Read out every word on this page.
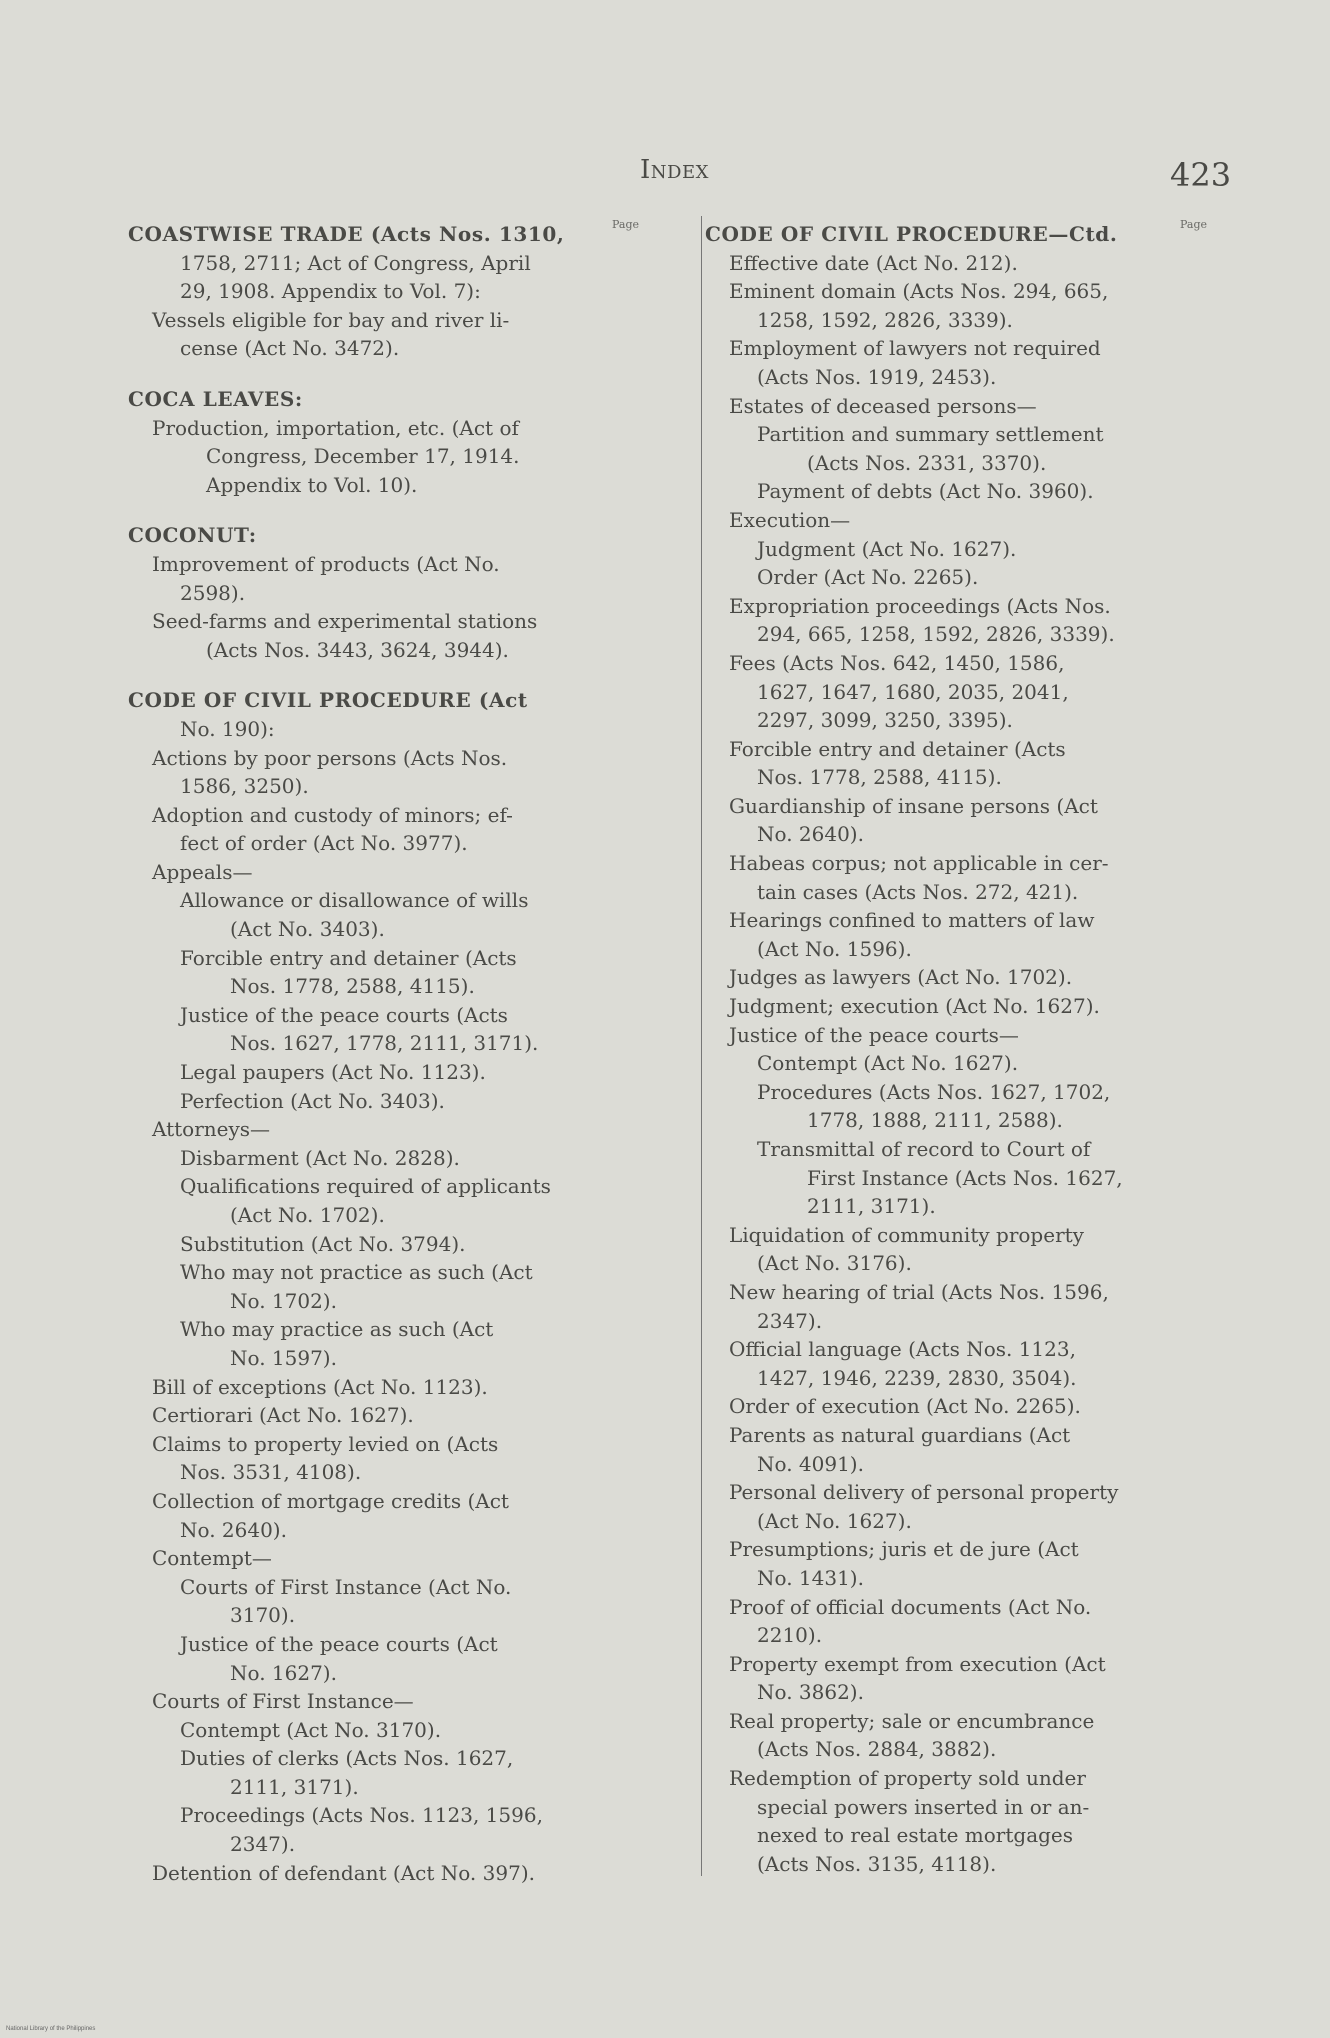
Index	423
Page	Page
COASTWISE TRADE (Acts Nos. 1310,
1758, 2711; Act of Congress, April
29, 1908. Appendix to Vol. 7):
Vessels eligible for bay and river li-
cense (Act No. 3472).
COCA LEAVES:
Production, importation, etc. (Act of
Congress, December 17, 1914.
Appendix to Vol. 10).
COCONUT:
Improvement of products (Act No.
2598).
Seed-farms and experimental stations
(Acts Nos. 3443, 3624, 3944).
CODE OF CIVIL PROCEDURE (Act
No. 190):
Actions by poor persons (Acts Nos.
1586, 3250).
Adoption and custody of minors; ef-
fect of order (Act No. 3977).
Appeals—
Allowance or disallowance of wills
(Act No. 3403).
Forcible entry and detainer (Acts
Nos. 1778, 2588, 4115).
Justice of the peace courts (Acts
Nos. 1627, 1778, 2111, 3171).
Legal paupers (Act No. 1123).
Perfection (Act No. 3403).
Attorneys—
Disbarment (Act No. 2828).
Qualifications required of applicants
(Act No. 1702).
Substitution (Act No. 3794).
Who may not practice as such (Act
No. 1702).
Who may practice as such (Act
No. 1597).
Bill of exceptions (Act No. 1123).
Certiorari (Act No. 1627).
Claims to property levied on (Acts
Nos. 3531, 4108).
Collection of mortgage credits (Act
No. 2640).
Contempt—
Courts of First Instance (Act No.
3170).
Justice of the peace courts (Act
No. 1627).
Courts of First Instance—
Contempt (Act No. 3170).
Duties of clerks (Acts Nos. 1627,
2111, 3171).
Proceedings (Acts Nos. 1123, 1596,
2347).
Detention of defendant (Act No. 397).
CODE OF CIVIL PROCEDURE—Ctd.
Effective date (Act No. 212).
Eminent domain (Acts Nos. 294, 665,
1258, 1592, 2826, 3339).
Employment of lawyers not required
(Acts Nos. 1919, 2453).
Estates of deceased persons—
Partition and summary settlement
(Acts Nos. 2331, 3370).
Payment of debts (Act No. 3960).
Execution—
Judgment (Act No. 1627).
Order (Act No. 2265).
Expropriation proceedings (Acts Nos.
294, 665, 1258, 1592, 2826, 3339).
Fees (Acts Nos. 642, 1450, 1586,
1627, 1647, 1680, 2035, 2041,
2297, 3099, 3250, 3395).
Forcible entry and detainer (Acts
Nos. 1778, 2588, 4115).
Guardianship of insane persons (Act
No. 2640).
Habeas corpus; not applicable in cer-
tain cases (Acts Nos. 272, 421).
Hearings confined to matters of law
(Act No. 1596).
Judges as lawyers (Act No. 1702).
Judgment; execution (Act No. 1627).
Justice of the peace courts—
Contempt (Act No. 1627).
Procedures (Acts Nos. 1627, 1702,
1778, 1888, 2111, 2588).
Transmittal of record to Court of
First Instance (Acts Nos. 1627,
2111, 3171).
Liquidation of community property
(Act No. 3176).
New hearing of trial (Acts Nos. 1596,
2347).
Official language (Acts Nos. 1123,
1427, 1946, 2239, 2830, 3504).
Order of execution (Act No. 2265).
Parents as natural guardians (Act
No. 4091).
Personal delivery of personal property
(Act No. 1627).
Presumptions; juris et de jure (Act
No. 1431).
Proof of official documents (Act No.
2210).
Property exempt from execution (Act
No. 3862).
Real property; sale or encumbrance
(Acts Nos. 2884, 3882).
Redemption of property sold under
special powers inserted in or an-
nexed to real estate mortgages
(Acts Nos. 3135, 4118).
National Library of the Philippines
